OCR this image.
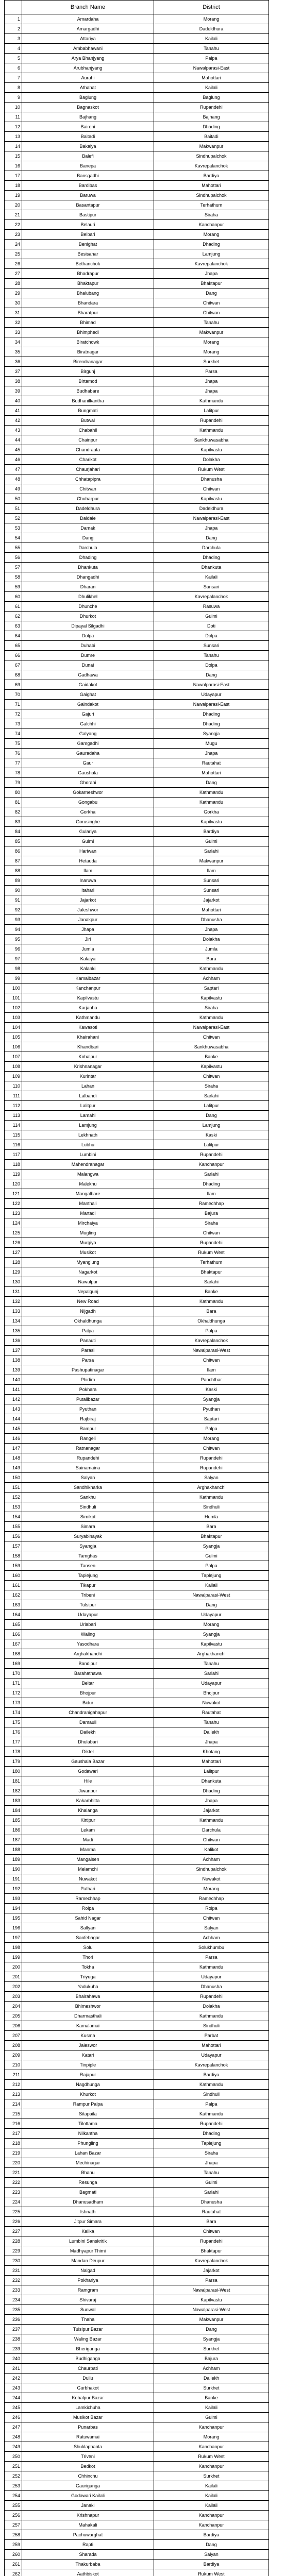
	Branch Name	District
1	Amardaha	Morang
2	Amargadhi	Dadeldhura
3	Attariya	Kailali
4	Ambabhawani	Tanahu
5	Arya Bhanjyang	Palpa
6	Arubhanjyang	Nawalparasi-East
7	Aurahi	Mahottari
8	Athahat	Kailali
9	Baglung	Baglung
10	Bagnaskot	Rupandehi
11	Bajhang	Bajhang
12	Baireni	Dhading
13	Baitadi	Baitadi
14	Bakaiya	Makwanpur
15	Balefi	Sindhupalchok
16	Banepa	Kavrepalanchok
17	Bansgadhi	Bardiya
18	Bardibas	Mahottari
19	Baruwa	Sindhupalchok
20	Basantapur	Terhathum
21	Bastipur	Siraha
22	Belauri	Kanchanpur
23	Belbari	Morang
24	Benighat	Dhading
25	Besisahar	Lamjung
26	Bethanchok	Kavrepalanchok
27	Bhadrapur	Jhapa
28	Bhaktapur	Bhaktapur
29	Bhalubang	Dang
30	Bhandara	Chitwan
31	Bharatpur	Chitwan
32	Bhimad	Tanahu
33	Bhimphedi	Makwanpur
34	Biratchowk	Morang
35	Biratnagar	Morang
36	Birendranagar	Surkhet
37	Birgunj	Parsa
38	Birtamod	Jhapa
39	Budhabare	Jhapa
40	Budhanilkantha	Kathmandu
41	Bungmati	Lalitpur
42	Butwal	Rupandehi
43	Chabahil	Kathmandu
44	Chainpur	Sankhuwasabha
45	Chandrauta	Kapilvastu
46	Charikot	Dolakha
47	Chaurjahari	Rukum West
48	Chhatapipra	Dhanusha
49	Chitwan	Chitwan
50	Chuharpur	Kapilvastu
51	Dadeldhura	Dadeldhura
52	Daldale	Nawalparasi-East
53	Damak	Jhapa
54	Dang	Dang
55	Darchula	Darchula
56	Dhading	Dhading
57	Dhankuta	Dhankuta
58	Dhangadhi	Kailali
59	Dharan	Sunsari
60	Dhulikhel	Kavrepalanchok
61	Dhunche	Rasuwa
62	Dhurkot	Gulmi
63	Dipayal Silgadhi	Doti
64	Dolpa	Dolpa
65	Duhabi	Sunsari
66	Dumre	Tanahu
67	Dunai	Dolpa
68	Gadhawa	Dang
69	Gaidakot	Nawalparasi-East
70	Gaighat	Udayapur
71	Gaindakot	Nawalparasi-East
72	Gajuri	Dhading
73	Galchhi	Dhading
74	Galyang	Syangja
75	Gamgadhi	Mugu
76	Gauradaha	Jhapa
77	Gaur	Rautahat
78	Gaushala	Mahottari
79	Ghorahi	Dang
80	Gokarneshwor	Kathmandu
81	Gongabu	Kathmandu
82	Gorkha	Gorkha
83	Gorusinghe	Kapilvastu
84	Gulariya	Bardiya
85	Gulmi	Gulmi
86	Hariwan	Sarlahi
87	Hetauda	Makwanpur
88	Ilam	Ilam
89	Inaruwa	Sunsari
90	Itahari	Sunsari
91	Jajarkot	Jajarkot
92	Jaleshwor	Mahottari
93	Janakpur	Dhanusha
94	Jhapa	Jhapa
95	Jiri	Dolakha
96	Jumla	Jumla
97	Kalaiya	Bara
98	Kalanki	Kathmandu
99	Kamalbazar	Achham
100	Kanchanpur	Saptari
101	Kapilvastu	Kapilvastu
102	Karjanha	Siraha
103	Kathmandu	Kathmandu
104	Kawasoti	Nawalparasi-East
105	Khairahani	Chitwan
106	Khandbari	Sankhuwasabha
107	Kohalpur	Banke
108	Krishnanagar	Kapilvastu
109	Kurintar	Chitwan
110	Lahan	Siraha
111	Lalbandi	Sarlahi
112	Lalitpur	Lalitpur
113	Lamahi	Dang
114	Lamjung	Lamjung
115	Lekhnath	Kaski
116	Lubhu	Lalitpur
117	Lumbini	Rupandehi
118	Mahendranagar	Kanchanpur
119	Malangwa	Sarlahi
120	Malekhu	Dhading
121	Mangalbare	Ilam
122	Manthali	Ramechhap
123	Martadi	Bajura
124	Mirchaiya	Siraha
125	Mugling	Chitwan
126	Murgiya	Rupandehi
127	Musikot	Rukum West
128	Myanglung	Terhathum
129	Nagarkot	Bhaktapur
130	Nawalpur	Sarlahi
131	Nepalgunj	Banke
132	New Road	Kathmandu
133	Nijgadh	Bara
134	Okhaldhunga	Okhaldhunga
135	Palpa	Palpa
136	Panauti	Kavrepalanchok
137	Parasi	Nawalparasi-West
138	Parsa	Chitwan
139	Pashupatinagar	Ilam
140	Phidim	Panchthar
141	Pokhara	Kaski
142	Putalibazar	Syangja
143	Pyuthan	Pyuthan
144	Rajbiraj	Saptari
145	Rampur	Palpa
146	Rangeli	Morang
147	Ratnanagar	Chitwan
148	Rupandehi	Rupandehi
149	Sainamaina	Rupandehi
150	Salyan	Salyan
151	Sandhikharka	Arghakhanchi
152	Sankhu	Kathmandu
153	Sindhuli	Sindhuli
154	Simikot	Humla
155	Simara	Bara
156	Suryabinayak	Bhaktapur
157	Syangja	Syangja
158	Tamghas	Gulmi
159	Tansen	Palpa
160	Taplejung	Taplejung
161	Tikapur	Kailali
162	Tribeni	Nawalparasi-West
163	Tulsipur	Dang
164	Udayapur	Udayapur
165	Urlabari	Morang
166	Waling	Syangja
167	Yasodhara	Kapilvastu
168	Arghakhanchi	Arghakhanchi
169	Bandipur	Tanahu
170	Barahathawa	Sarlahi
171	Beltar	Udayapur
172	Bhojpur	Bhojpur
173	Bidur	Nuwakot
174	Chandranigahapur	Rautahat
175	Damauli	Tanahu
176	Dailekh	Dailekh
177	Dhulabari	Jhapa
178	Diktel	Khotang
179	Gaushala Bazar	Mahottari
180	Godawari	Lalitpur
181	Hile	Dhankuta
182	Jiwanpur	Dhading
183	Kakarbhitta	Jhapa
184	Khalanga	Jajarkot
185	Kirtipur	Kathmandu
186	Lekam	Darchula
187	Madi	Chitwan
188	Manma	Kalikot
189	Mangalsen	Achham
190	Melamchi	Sindhupalchok
191	Nuwakot	Nuwakot
192	Pathari	Morang
193	Ramechhap	Ramechhap
194	Rolpa	Rolpa
195	Sahid Nagar	Chitwan
196	Sallyan	Salyan
197	Sanfebagar	Achham
198	Solu	Solukhumbu
199	Thori	Parsa
200	Tokha	Kathmandu
201	Triyuga	Udayapur
202	Yadukuha	Dhanusha
203	Bhairahawa	Rupandehi
204	Bhimeshwor	Dolakha
205	Dharmasthali	Kathmandu
206	Kamalamai	Sindhuli
207	Kusma	Parbat
208	Jaleswor	Mahottari
209	Katari	Udayapur
210	Tinpiple	Kavrepalanchok
211	Rajapur	Bardiya
212	Nagdhunga	Kathmandu
213	Khurkot	Sindhuli
214	Rampur Palpa	Palpa
215	Sitapaila	Kathmandu
216	Tilottama	Rupandehi
217	Nilkantha	Dhading
218	Phungling	Taplejung
219	Lahan Bazar	Siraha
220	Mechinagar	Jhapa
221	Bhanu	Tanahu
222	Resunga	Gulmi
223	Bagmati	Sarlahi
224	Dhanusadham	Dhanusha
225	Ishnath	Rautahat
226	Jitpur Simara	Bara
227	Kalika	Chitwan
228	Lumbini Sanskritik	Rupandehi
229	Madhyapur Thimi	Bhaktapur
230	Mandan Deupur	Kavrepalanchok
231	Nalgad	Jajarkot
232	Pokhariya	Parsa
233	Ramgram	Nawalparasi-West
234	Shivaraj	Kapilvastu
235	Sunwal	Nawalparasi-West
236	Thaha	Makwanpur
237	Tulsipur Bazar	Dang
238	Waling Bazar	Syangja
239	Bheriganga	Surkhet
240	Budhiganga	Bajura
241	Chaurpati	Achham
242	Dullu	Dailekh
243	Gurbhakot	Surkhet
244	Kohalpur Bazar	Banke
245	Lamkichuha	Kailali
246	Musikot Bazar	Gulmi
247	Punarbas	Kanchanpur
248	Ratuwamai	Morang
249	Shuklaphanta	Kanchanpur
250	Triveni	Rukum West
251	Bedkot	Kanchanpur
252	Chhinchu	Surkhet
253	Gauriganga	Kailali
254	Godawari Kailali	Kailali
255	Janaki	Kailali
256	Krishnapur	Kanchanpur
257	Mahakali	Kanchanpur
258	Pachuwarghat	Bardiya
259	Rapti	Dang
260	Sharada	Salyan
261	Thakurbaba	Bardiya
262	Aathbiskot	Rukum West
